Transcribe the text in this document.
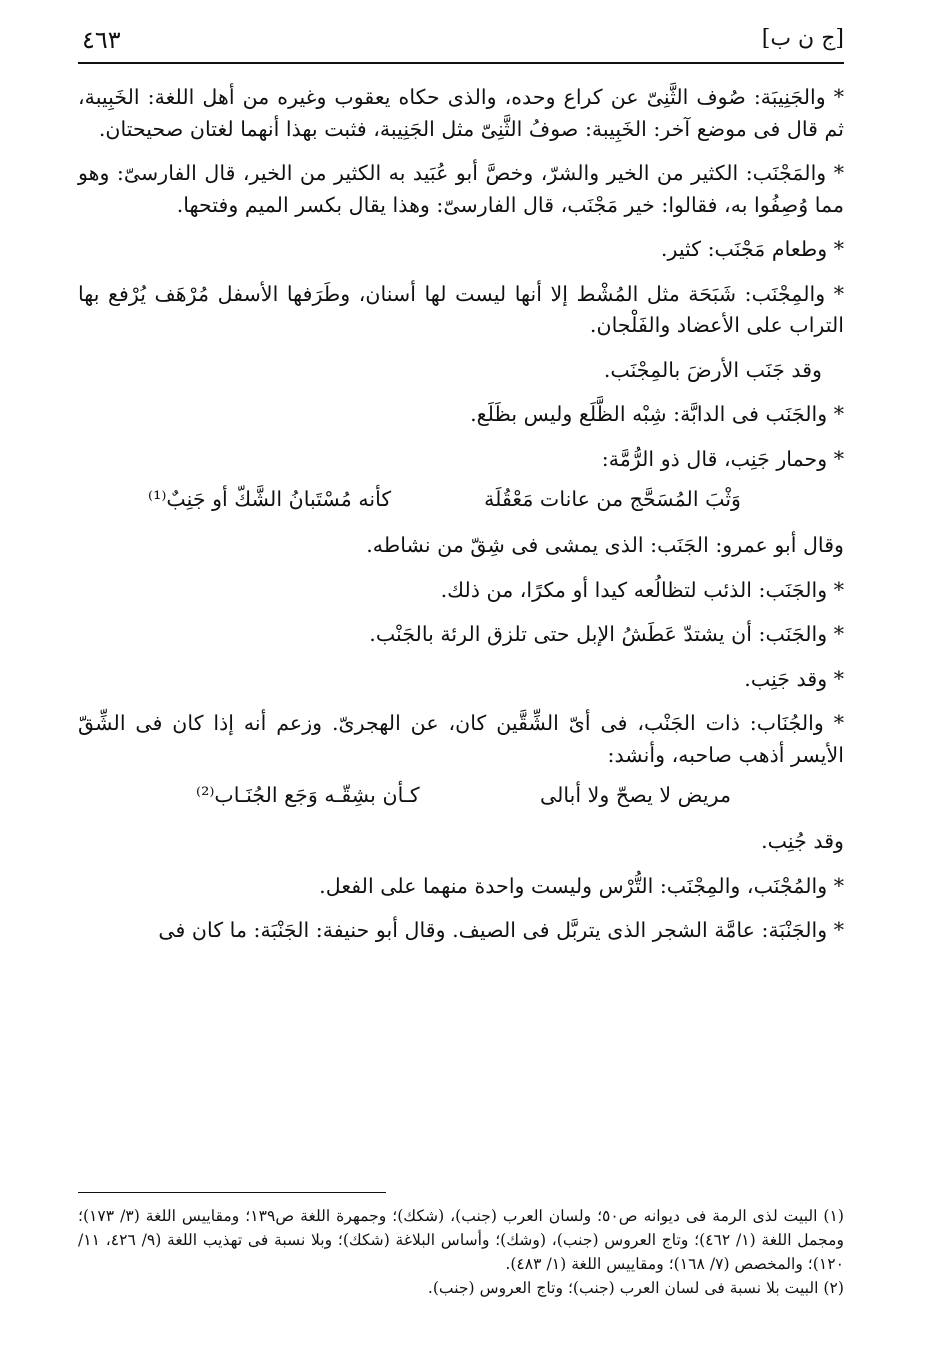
[ج ن ب]
٤٦٣

* والجَنِيبَة: صُوف الثَّنِىّ عن كراع وحده، والذى حكاه يعقوب وغيره من أهل اللغة: الخَبِيبة، ثم قال فى موضع آخر: الخَبِيبة: صوفُ الثَّنِىّ مثل الجَنِيبة، فثبت بهذا أنهما لغتان صحيحتان.

* والمَجْنَب: الكثير من الخير والشرّ، وخصَّ أبو عُبَيد به الكثير من الخير، قال الفارسىّ: وهو مما وُصِفُوا به، فقالوا: خير مَجْنَب، قال الفارسىّ: وهذا يقال بكسر الميم وفتحها.

* وطعام مَجْنَب: كثير.

* والمِجْنَب: شَبَحَة مثل المُشْط إلا أنها ليست لها أسنان، وطَرَفها الأسفل مُرْهَف يُرْفع بها التراب على الأعضاد والفَلْجان.

وقد جَنَب الأرضَ بالمِجْنَب.

* والجَنَب فى الدابَّة: شِبْه الظَّلَع وليس بظَلَع.

* وحمار جَنِب، قال ذو الرُّمَّة:

وَثْبَ المُسَحَّج من عانات مَعْقُلَة
كأنه مُسْتَبانُ الشَّكّ أو جَنِبٌ⁽¹⁾

وقال أبو عمرو: الجَنَب: الذى يمشى فى شِقّ من نشاطه.

* والجَنَب: الذئب لتظالُعه كيدا أو مكرًا، من ذلك.

* والجَنَب: أن يشتدّ عَطَشُ الإبل حتى تلزق الرئة بالجَنْب.

* وقد جَنِب.

* والجُنَاب: ذات الجَنْب، فى أىّ الشِّقَّين كان، عن الهجرىّ. وزعم أنه إذا كان فى الشِّقّ الأيسر أذهب صاحبه، وأنشد:

مريض لا يصحّ ولا أبالى
كـأن بشِقّـه وَجَع الجُنَـاب⁽²⁾

وقد جُنِب.

* والمُجْنَب، والمِجْنَب: التُّرْس وليست واحدة منهما على الفعل.

* والجَنْبَة: عامَّة الشجر الذى يتربَّل فى الصيف. وقال أبو حنيفة: الجَنْبَة: ما كان فى

(١) البيت لذى الرمة فى ديوانه ص٥٠؛ ولسان العرب (جنب)، (شكك)؛ وجمهرة اللغة ص١٣٩؛ ومقاييس اللغة (٣/ ١٧٣)؛ ومجمل اللغة (١/ ٤٦٢)؛ وتاج العروس (جنب)، (وشك)؛ وأساس البلاغة (شكك)؛ وبلا نسبة فى تهذيب اللغة (٩/ ٤٢٦، ١١/ ١٢٠)؛ والمخصص (٧/ ١٦٨)؛ ومقاييس اللغة (١/ ٤٨٣).

(٢) البيت بلا نسبة فى لسان العرب (جنب)؛ وتاج العروس (جنب).
